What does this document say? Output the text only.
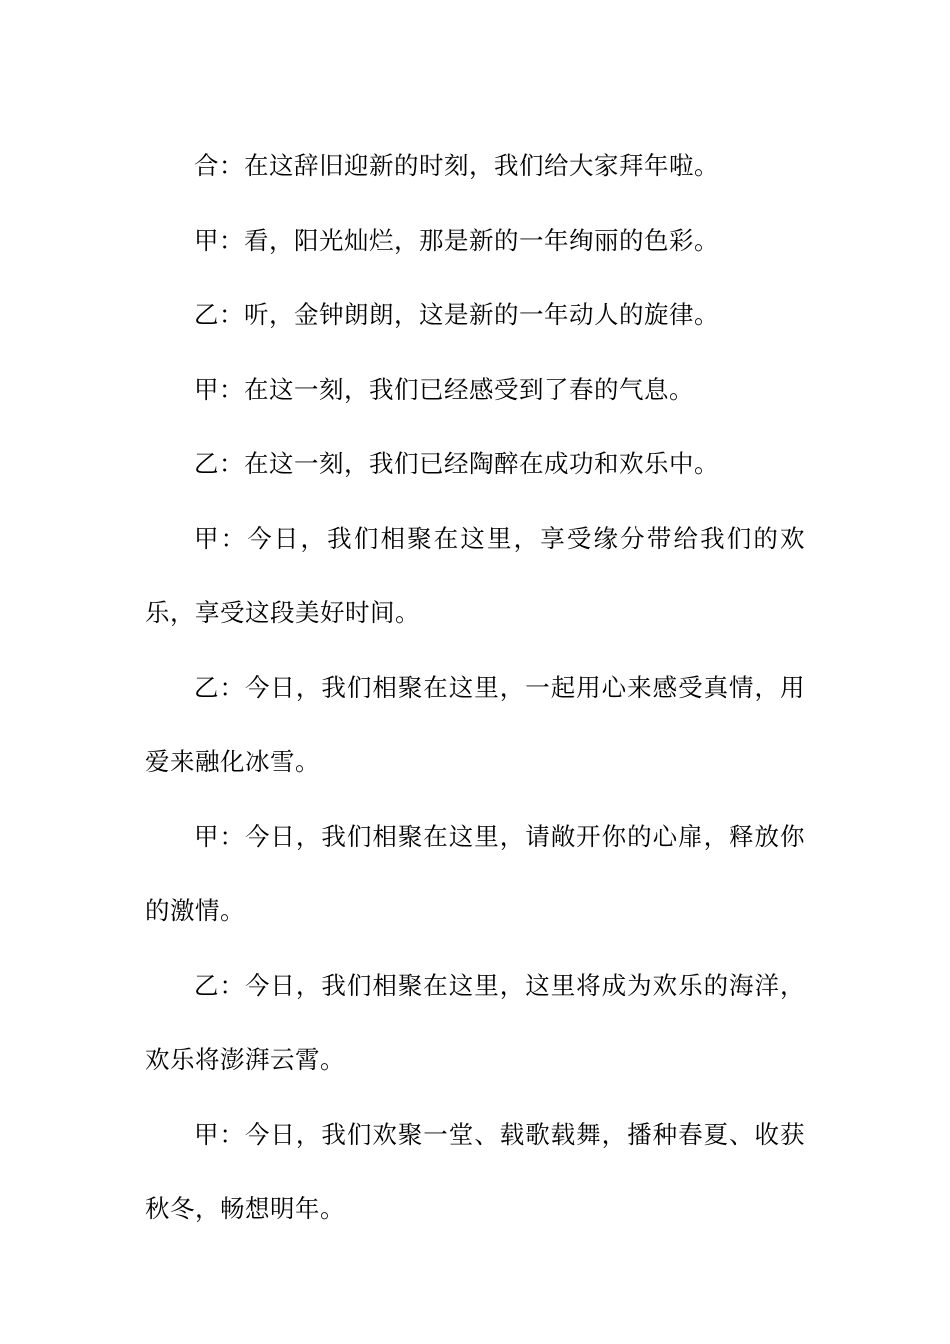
合：在这辞旧迎新的时刻，我们给大家拜年啦。

甲：看，阳光灿烂，那是新的一年绚丽的色彩。

乙：听，金钟朗朗，这是新的一年动人的旋律。

甲：在这一刻，我们已经感受到了春的气息。

乙：在这一刻，我们已经陶醉在成功和欢乐中。

甲：今日，我们相聚在这里，享受缘分带给我们的欢乐，享受这段美好时间。

乙：今日，我们相聚在这里，一起用心来感受真情，用爱来融化冰雪。

甲：今日，我们相聚在这里，请敞开你的心扉，释放你的激情。

乙：今日，我们相聚在这里，这里将成为欢乐的海洋，欢乐将澎湃云霄。

甲：今日，我们欢聚一堂、载歌载舞，播种春夏、收获秋冬，畅想明年。
